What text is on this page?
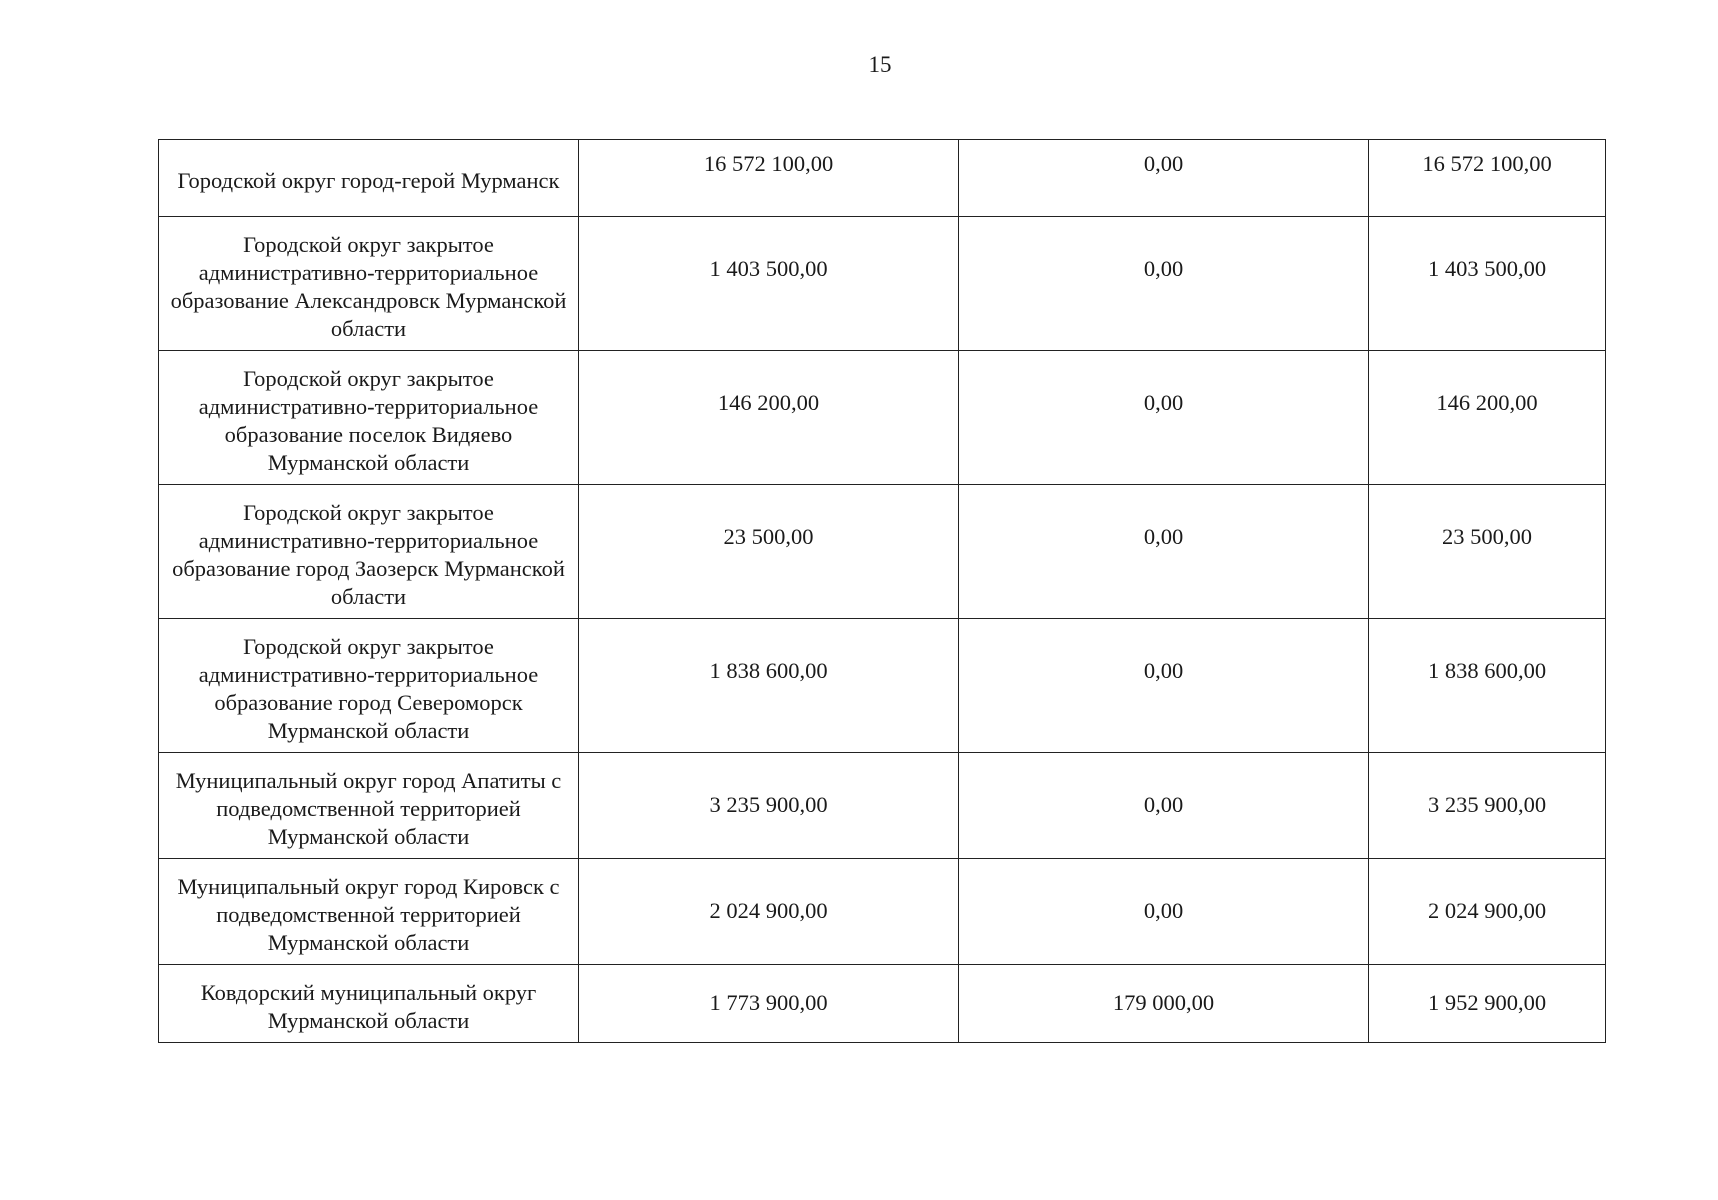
15
Городской округ город-герой Мурманск	16 572 100,00	0,00	16 572 100,00
Городской округ закрытое административно-территориальное образование Александровск Мурманской области	1 403 500,00	0,00	1 403 500,00
Городской округ закрытое административно-территориальное образование поселок Видяево Мурманской области	146 200,00	0,00	146 200,00
Городской округ закрытое административно-территориальное образование город Заозерск Мурманской области	23 500,00	0,00	23 500,00
Городской округ закрытое административно-территориальное образование город Североморск Мурманской области	1 838 600,00	0,00	1 838 600,00
Муниципальный округ город Апатиты с подведомственной территорией Мурманской области	3 235 900,00	0,00	3 235 900,00
Муниципальный округ город Кировск с подведомственной территорией Мурманской области	2 024 900,00	0,00	2 024 900,00
Ковдорский муниципальный округ Мурманской области	1 773 900,00	179 000,00	1 952 900,00
